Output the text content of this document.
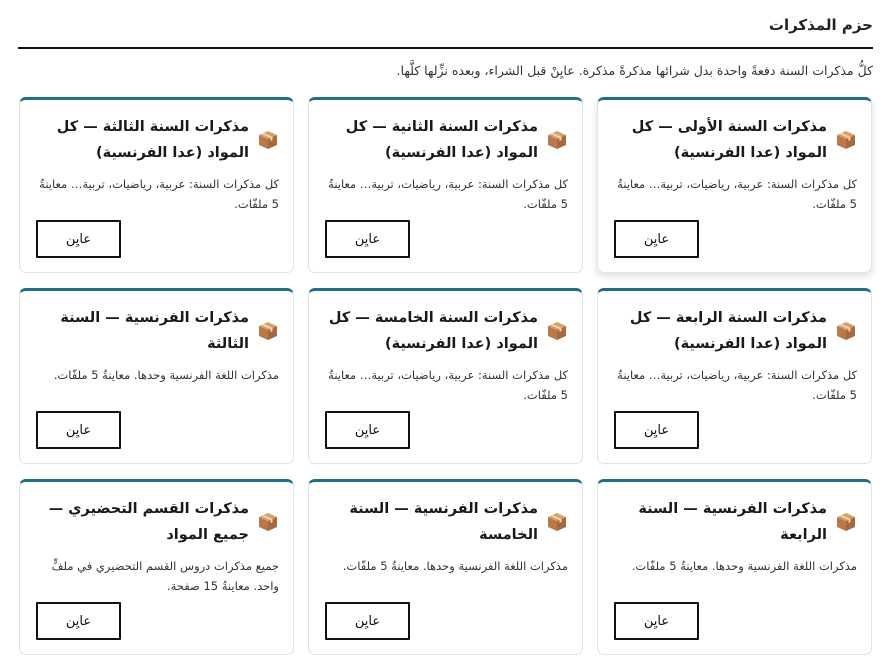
حزم المذكرات
كلُّ مذكرات السنة دفعةً واحدة بدل شرائها مذكرةً مذكرة. عايِنْ قبل الشراء، وبعده نزِّلها كلَّها.
مذكرات السنة الأولى — كل المواد (عدا الفرنسية)
كل مذكرات السنة: عربية، رياضيات، تربية… معاينةُ 5 ملفّات.
عايِن
مذكرات السنة الثانية — كل المواد (عدا الفرنسية)
كل مذكرات السنة: عربية، رياضيات، تربية… معاينةُ 5 ملفّات.
عايِن
مذكرات السنة الثالثة — كل المواد (عدا الفرنسية)
كل مذكرات السنة: عربية، رياضيات، تربية… معاينةُ 5 ملفّات.
عايِن
مذكرات السنة الرابعة — كل المواد (عدا الفرنسية)
كل مذكرات السنة: عربية، رياضيات، تربية… معاينةُ 5 ملفّات.
عايِن
مذكرات السنة الخامسة — كل المواد (عدا الفرنسية)
كل مذكرات السنة: عربية، رياضيات، تربية… معاينةُ 5 ملفّات.
عايِن
مذكرات الفرنسية — السنة الثالثة
مذكرات اللغة الفرنسية وحدها. معاينةُ 5 ملفّات.
عايِن
مذكرات الفرنسية — السنة الرابعة
مذكرات اللغة الفرنسية وحدها. معاينةُ 5 ملفّات.
عايِن
مذكرات الفرنسية — السنة الخامسة
مذكرات اللغة الفرنسية وحدها. معاينةُ 5 ملفّات.
عايِن
مذكرات القسم التحضيري — جميع المواد
جميع مذكرات دروس القسم التحضيري في ملفٍّ واحد. معاينةُ 15 صفحة.
عايِن
